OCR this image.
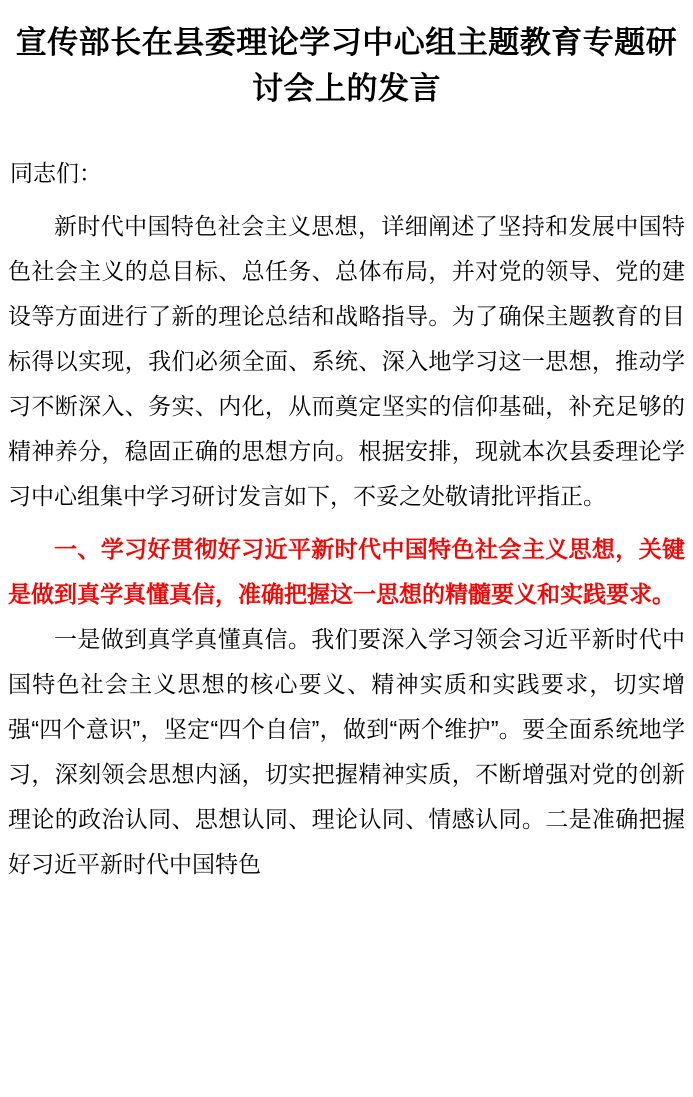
宣传部长在县委理论学习中心组主题教育专题研讨会上的发言
同志们：

新时代中国特色社会主义思想，详细阐述了坚持和发展中国特色社会主义的总目标、总任务、总体布局，并对党的领导、党的建设等方面进行了新的理论总结和战略指导。为了确保主题教育的目标得以实现，我们必须全面、系统、深入地学习这一思想，推动学习不断深入、务实、内化，从而奠定坚实的信仰基础，补充足够的精神养分，稳固正确的思想方向。根据安排，现就本次县委理论学习中心组集中学习研讨发言如下，不妥之处敬请批评指正。

一、学习好贯彻好习近平新时代中国特色社会主义思想，关键是做到真学真懂真信，准确把握这一思想的精髓要义和实践要求。

一是做到真学真懂真信。我们要深入学习领会习近平新时代中国特色社会主义思想的核心要义、精神实质和实践要求，切实增强“四个意识”，坚定“四个自信”，做到“两个维护”。要全面系统地学习，深刻领会思想内涵，切实把握精神实质，不断增强对党的创新理论的政治认同、思想认同、理论认同、情感认同。二是准确把握好习近平新时代中国特色
